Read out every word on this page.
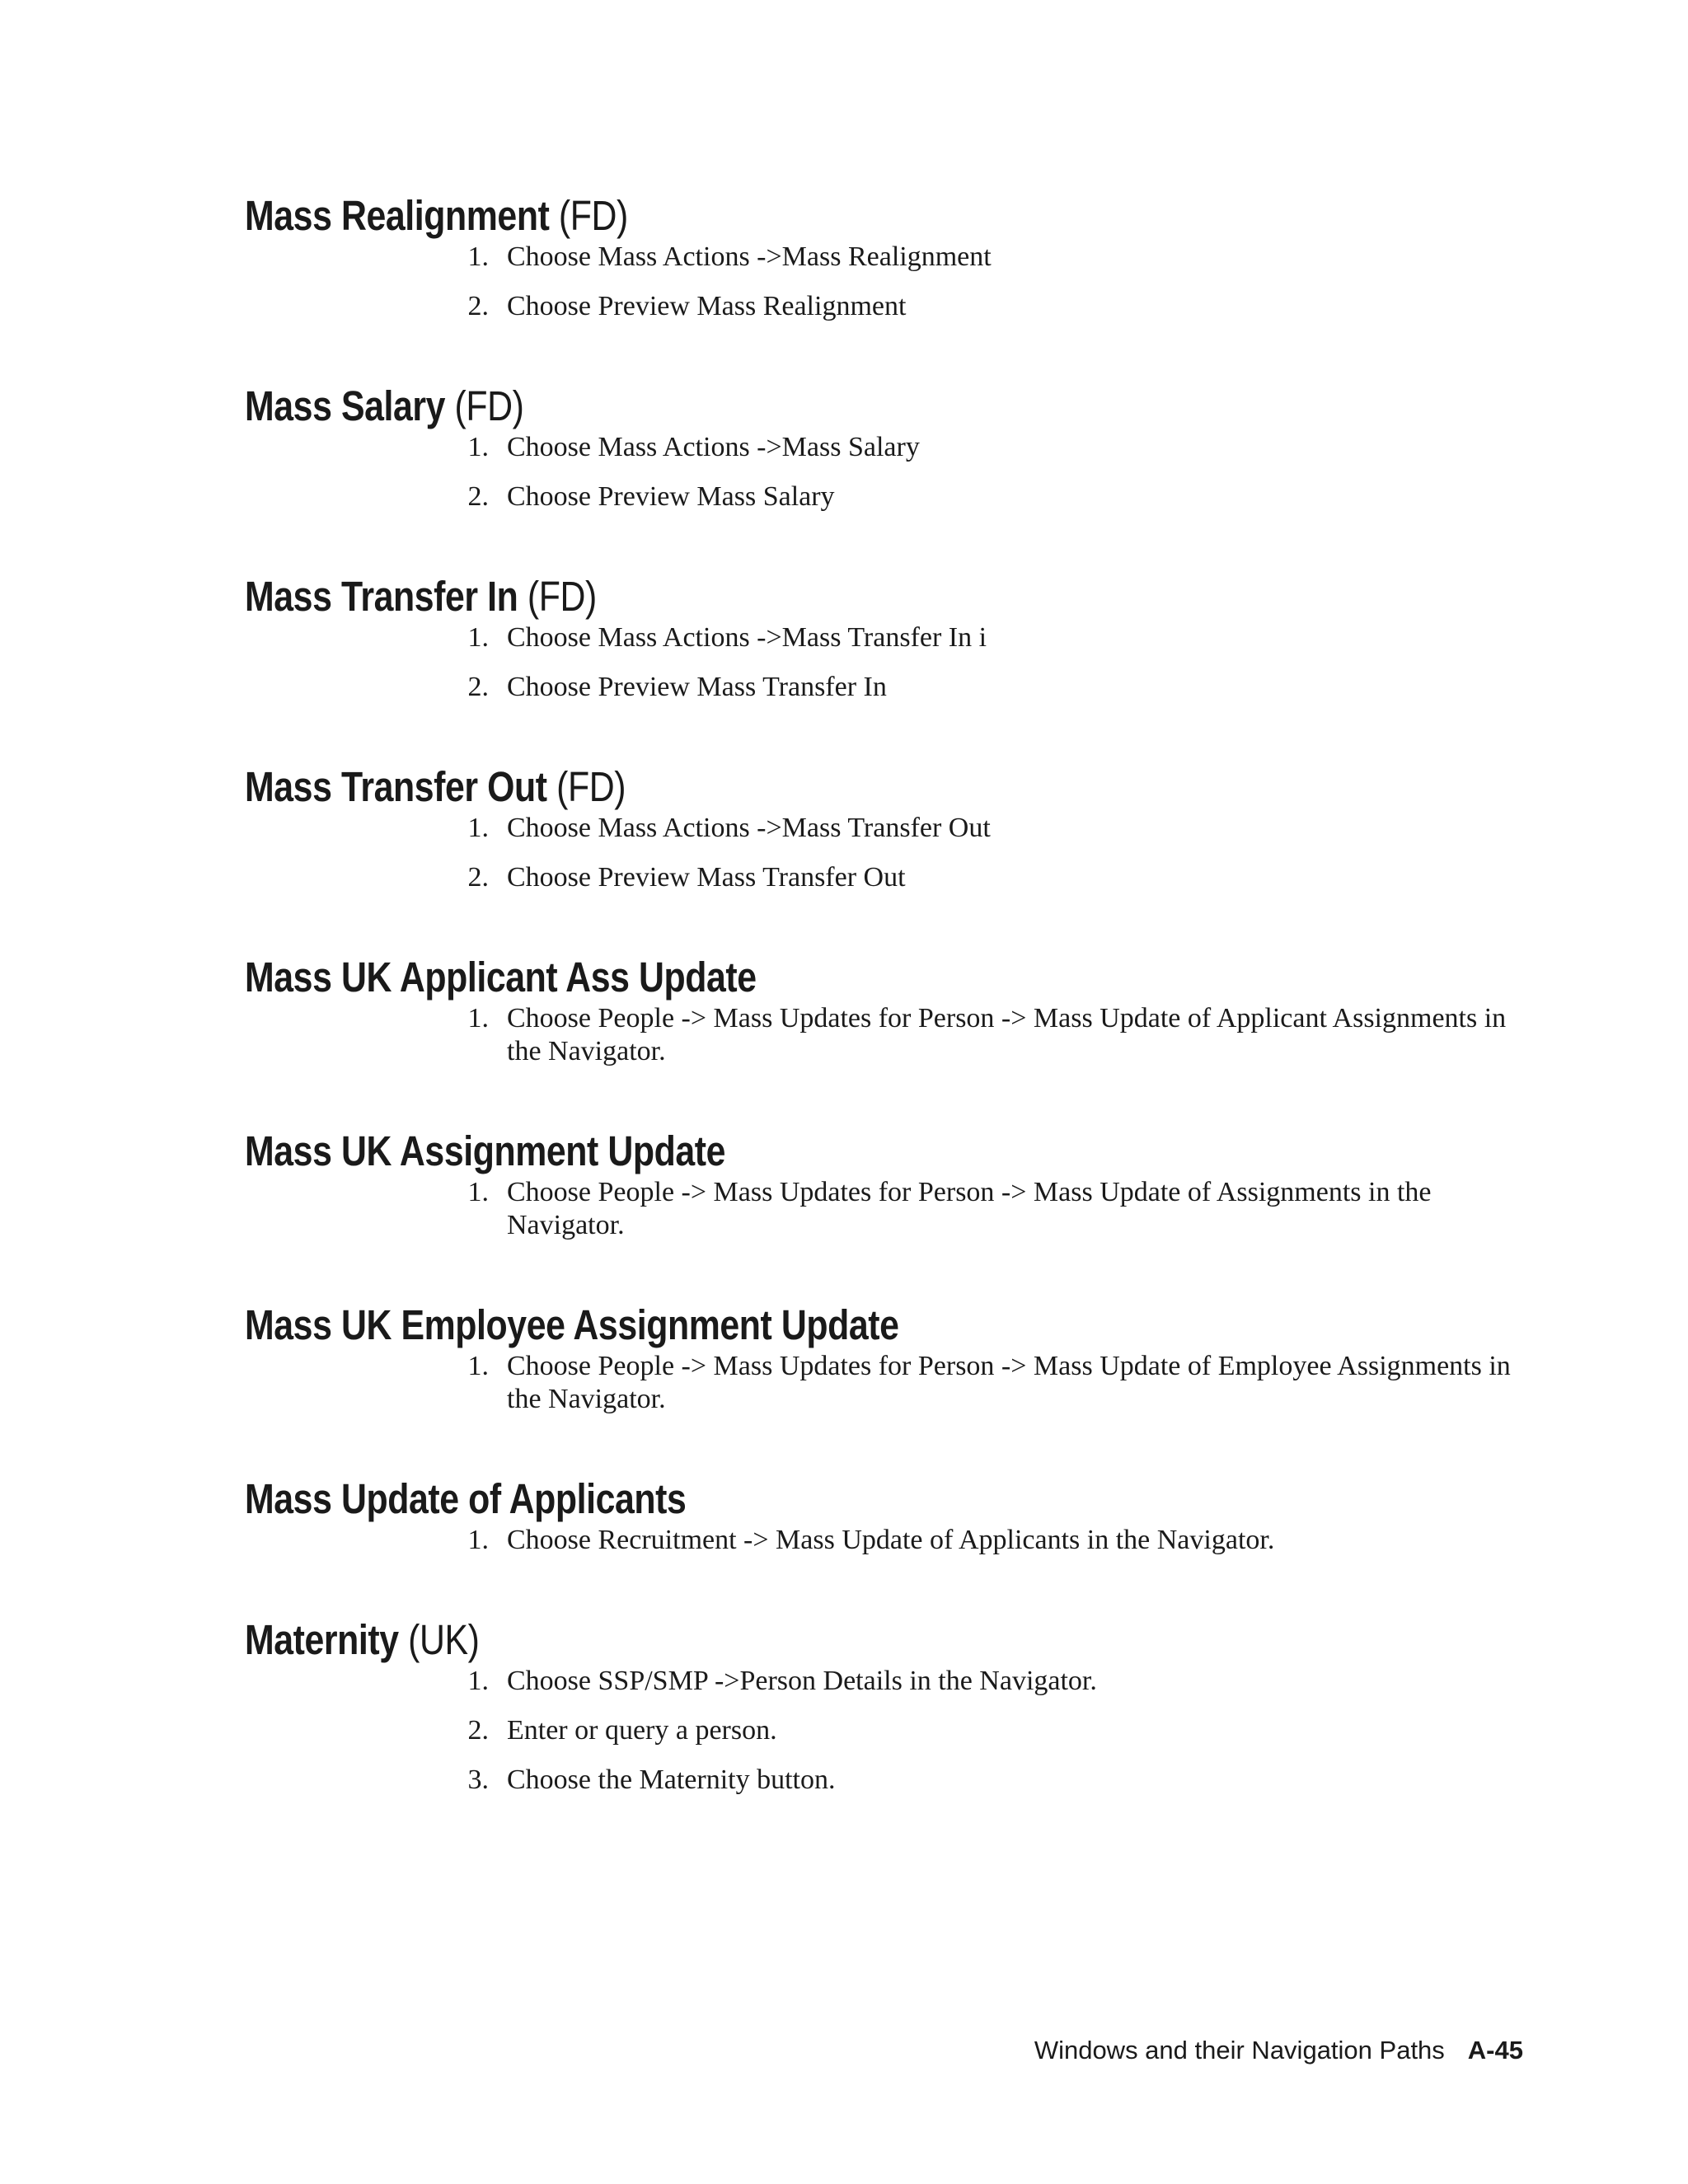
Mass Realignment (FD)
1. Choose Mass Actions ->Mass Realignment
2. Choose Preview Mass Realignment
Mass Salary (FD)
1. Choose Mass Actions ->Mass Salary
2. Choose Preview Mass Salary
Mass Transfer In (FD)
1. Choose Mass Actions ->Mass Transfer In i
2. Choose Preview Mass Transfer In
Mass Transfer Out (FD)
1. Choose Mass Actions ->Mass Transfer Out
2. Choose Preview Mass Transfer Out
Mass UK Applicant Ass Update
1. Choose People -> Mass Updates for Person -> Mass Update of Applicant Assignments in the Navigator.
Mass UK Assignment Update
1. Choose People -> Mass Updates for Person -> Mass Update of Assignments in the Navigator.
Mass UK Employee Assignment Update
1. Choose People -> Mass Updates for Person -> Mass Update of Employee Assignments in the Navigator.
Mass Update of Applicants
1. Choose Recruitment -> Mass Update of Applicants in the Navigator.
Maternity (UK)
1. Choose SSP/SMP ->Person Details in the Navigator.
2. Enter or query a person.
3. Choose the Maternity button.
Windows and their Navigation Paths A-45
